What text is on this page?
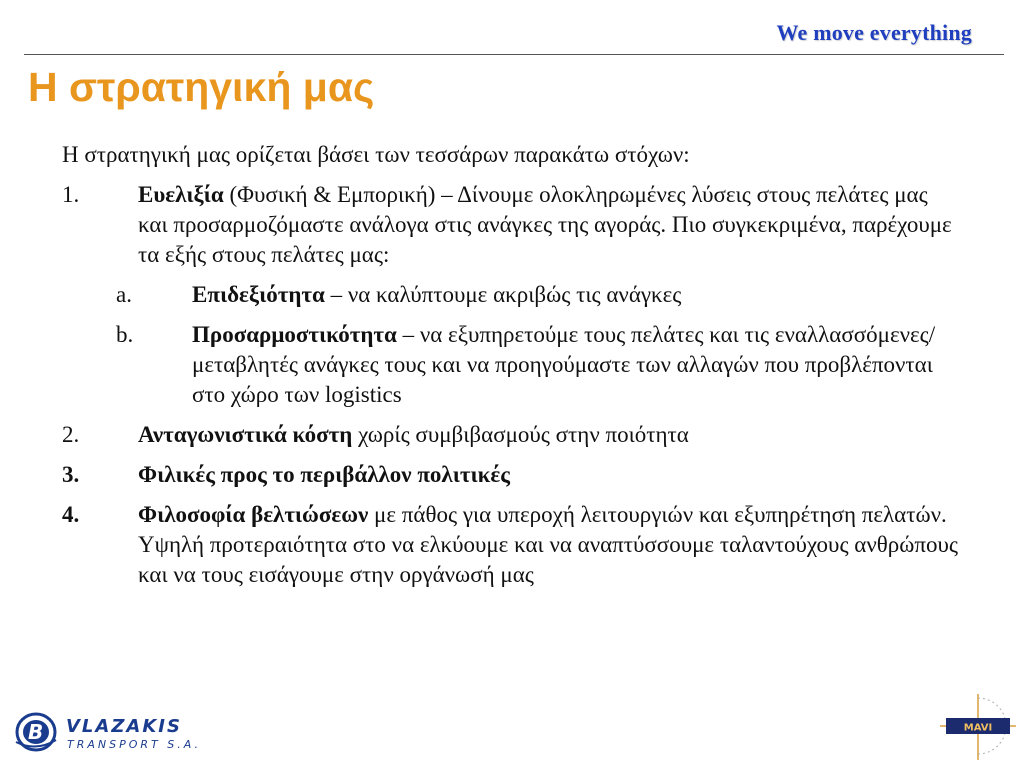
We move everything
Η στρατηγική μας

Η στρατηγική μας ορίζεται βάσει των τεσσάρων παρακάτω στόχων:

1.	Ευελιξία (Φυσική & Εμπορική) – Δίνουμε ολοκληρωμένες λύσεις στους πελάτες μας και προσαρμοζόμαστε ανάλογα στις ανάγκες της αγοράς. Πιο συγκεκριμένα, παρέχουμε τα εξής στους πελάτες μας:
a.	Επιδεξιότητα – να καλύπτουμε ακριβώς τις ανάγκες
b.	Προσαρμοστικότητα – να εξυπηρετούμε τους πελάτες και τις εναλλασσόμενες/μεταβλητές ανάγκες τους και να προηγούμαστε των αλλαγών που προβλέπονται στο χώρο των logistics
2.	Ανταγωνιστικά κόστη χωρίς συμβιβασμούς στην ποιότητα
3.	Φιλικές προς το περιβάλλον πολιτικές
4.	Φιλοσοφία βελτιώσεων με πάθος για υπεροχή λειτουργιών και εξυπηρέτηση πελατών. Υψηλή προτεραιότητα στο να ελκύουμε και να αναπτύσσουμε ταλαντούχους ανθρώπους και να τους εισάγουμε στην οργάνωσή μας
B VLAZAKIS
TRANSPORT S.A.
MAVI
